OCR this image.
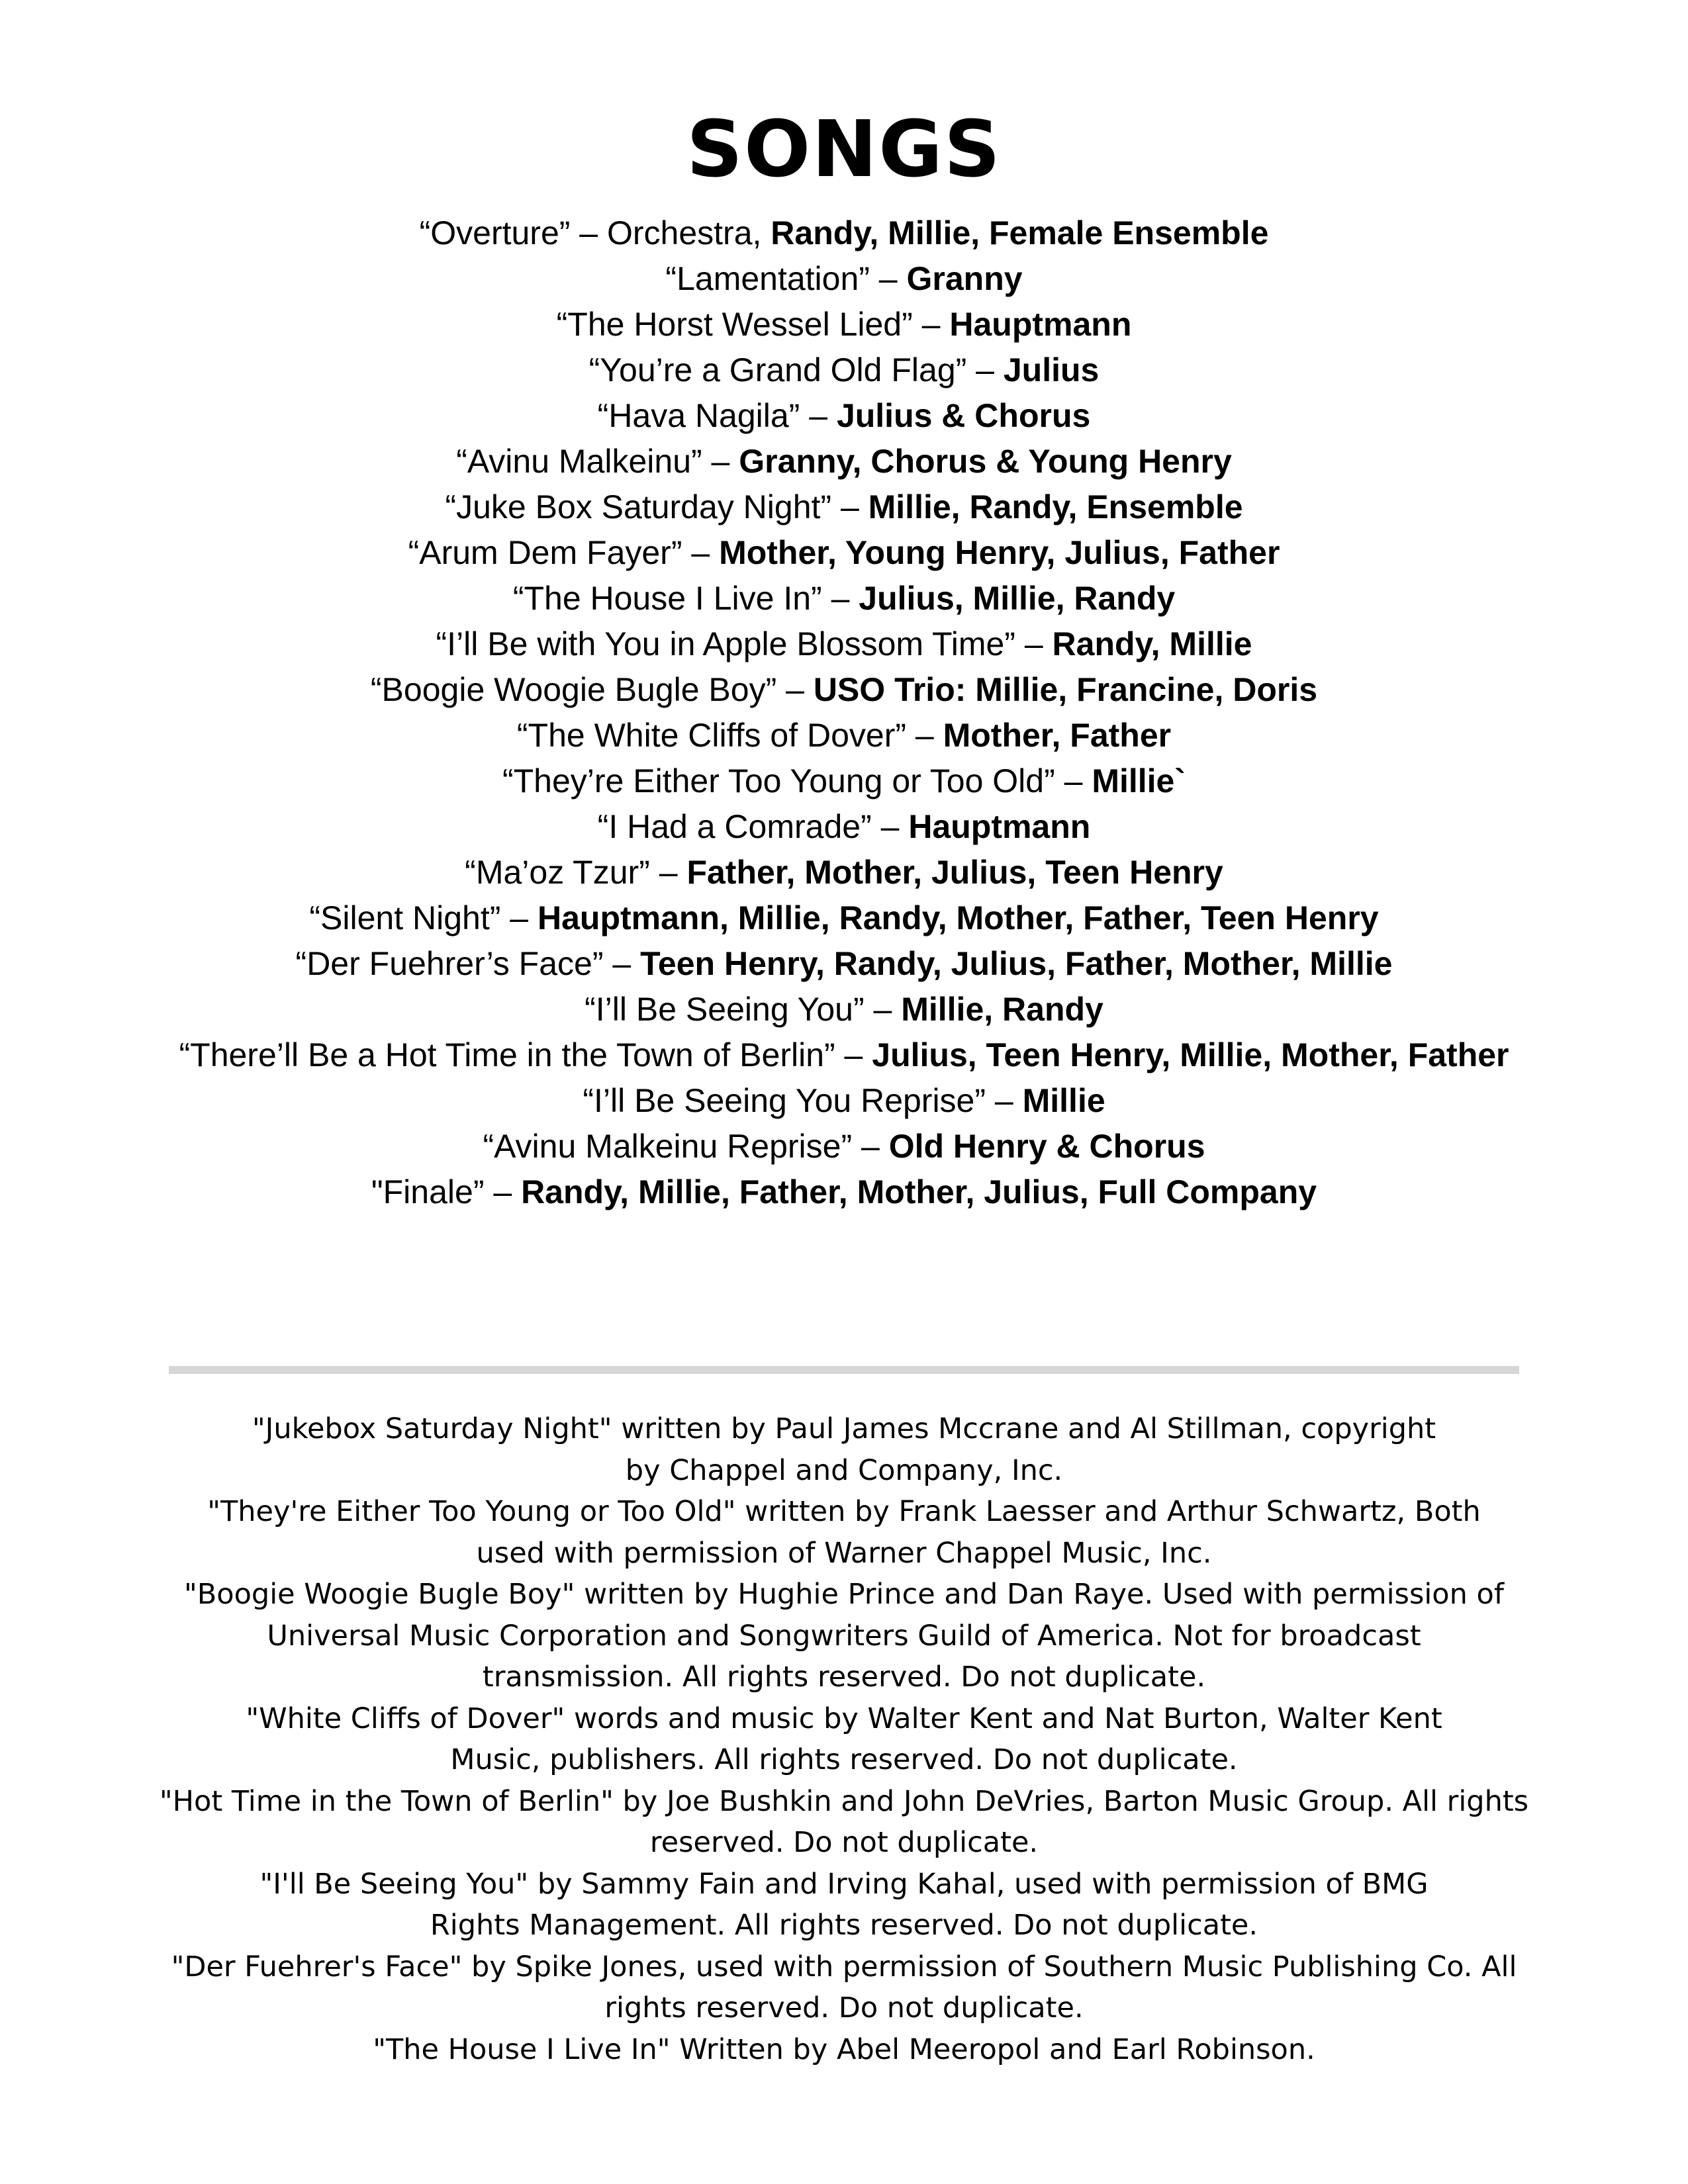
SONGS
“Overture” – Orchestra, Randy, Millie, Female Ensemble
“Lamentation” – Granny
“The Horst Wessel Lied” – Hauptmann
“You’re a Grand Old Flag” – Julius
“Hava Nagila” – Julius & Chorus
“Avinu Malkeinu” – Granny, Chorus & Young Henry
“Juke Box Saturday Night” – Millie, Randy, Ensemble
“Arum Dem Fayer” – Mother, Young Henry, Julius, Father
“The House I Live In” – Julius, Millie, Randy
“I’ll Be with You in Apple Blossom Time” – Randy, Millie
“Boogie Woogie Bugle Boy” – USO Trio: Millie, Francine, Doris
“The White Cliffs of Dover” – Mother, Father
“They’re Either Too Young or Too Old” – Millie`
“I Had a Comrade” – Hauptmann
“Ma’oz Tzur” – Father, Mother, Julius, Teen Henry
“Silent Night” – Hauptmann, Millie, Randy, Mother, Father, Teen Henry
“Der Fuehrer’s Face” – Teen Henry, Randy, Julius, Father, Mother, Millie
“I’ll Be Seeing You” – Millie, Randy
“There’ll Be a Hot Time in the Town of Berlin” – Julius, Teen Henry, Millie, Mother, Father
“I’ll Be Seeing You Reprise” – Millie
“Avinu Malkeinu Reprise” – Old Henry & Chorus
"Finale” – Randy, Millie, Father, Mother, Julius, Full Company
"Jukebox Saturday Night" written by Paul James Mccrane and Al Stillman, copyright by Chappel and Company, Inc.
"They're Either Too Young or Too Old" written by Frank Laesser and Arthur Schwartz, Both used with permission of Warner Chappel Music, Inc.
"Boogie Woogie Bugle Boy" written by Hughie Prince and Dan Raye. Used with permission of Universal Music Corporation and Songwriters Guild of America. Not for broadcast transmission. All rights reserved. Do not duplicate.
"White Cliffs of Dover" words and music by Walter Kent and Nat Burton, Walter Kent Music, publishers. All rights reserved. Do not duplicate.
"Hot Time in the Town of Berlin" by Joe Bushkin and John DeVries, Barton Music Group. All rights reserved. Do not duplicate.
"I'll Be Seeing You" by Sammy Fain and Irving Kahal, used with permission of BMG Rights Management. All rights reserved. Do not duplicate.
"Der Fuehrer's Face" by Spike Jones, used with permission of Southern Music Publishing Co. All rights reserved. Do not duplicate.
"The House I Live In" Written by Abel Meeropol and Earl Robinson.
